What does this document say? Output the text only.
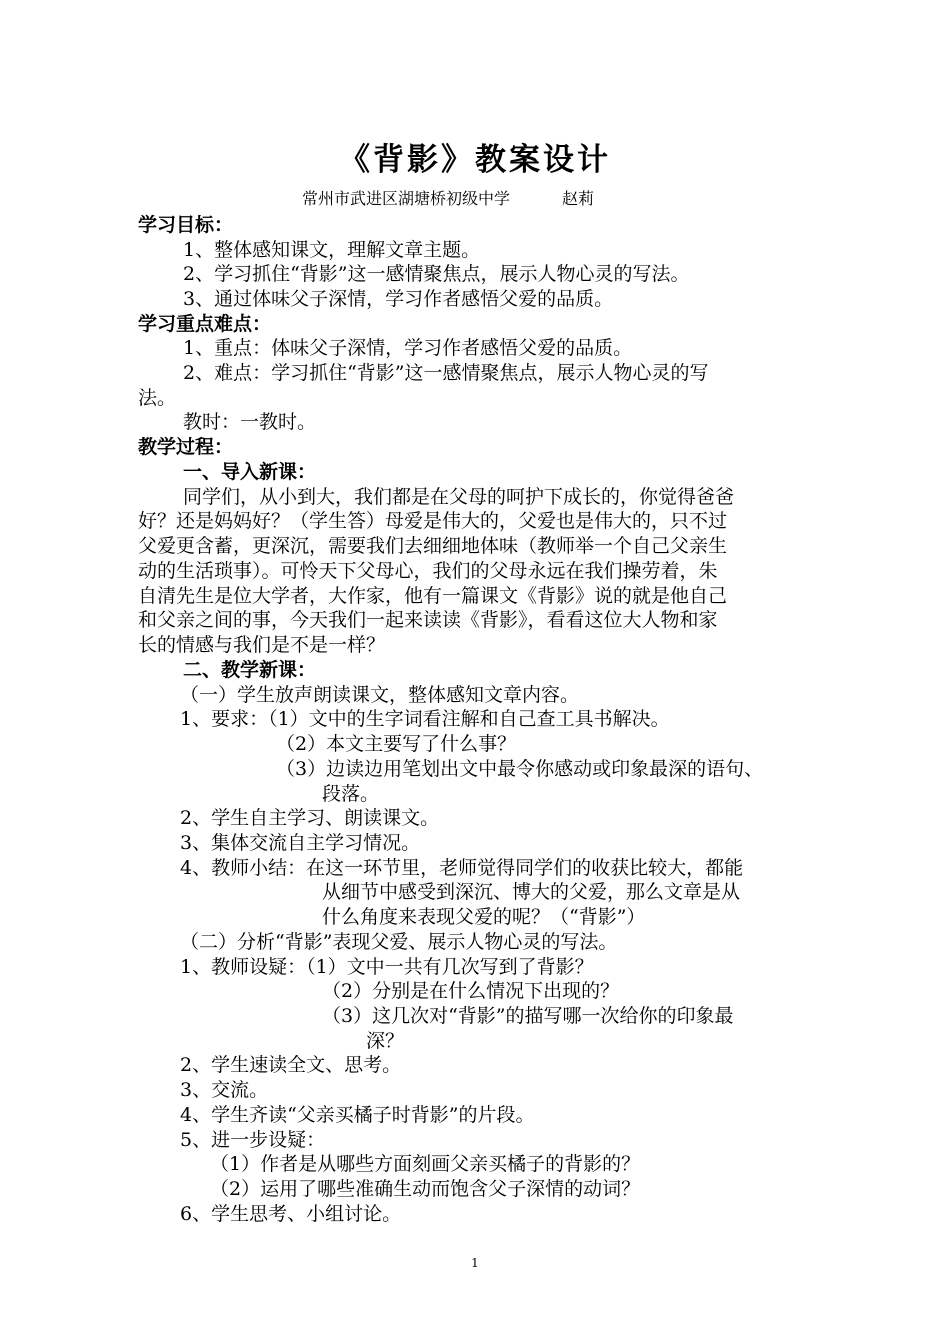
《背影》教案设计
常州市武进区湖塘桥初级中学	赵莉
学习目标：
1、整体感知课文，理解文章主题。
2、学习抓住“背影”这一感情聚焦点，展示人物心灵的写法。
3、通过体味父子深情，学习作者感悟父爱的品质。
学习重点难点：
1、重点：体味父子深情，学习作者感悟父爱的品质。
2、难点：学习抓住“背影”这一感情聚焦点，展示人物心灵的写
法。
教时：一教时。
教学过程：
一、导入新课：
同学们，从小到大，我们都是在父母的呵护下成长的，你觉得爸爸
好？还是妈妈好？（学生答）母爱是伟大的，父爱也是伟大的，只不过
父爱更含蓄，更深沉，需要我们去细细地体味（教师举一个自己父亲生
动的生活琐事）。可怜天下父母心，我们的父母永远在我们操劳着，朱
自清先生是位大学者，大作家，他有一篇课文《背影》说的就是他自己
和父亲之间的事，今天我们一起来读读《背影》，看看这位大人物和家
长的情感与我们是不是一样？
二、教学新课：
（一）学生放声朗读课文，整体感知文章内容。
1、要求：（1）文中的生字词看注解和自己查工具书解决。
（2）本文主要写了什么事？
（3）边读边用笔划出文中最令你感动或印象最深的语句、
段落。
2、学生自主学习、朗读课文。
3、集体交流自主学习情况。
4、教师小结：在这一环节里，老师觉得同学们的收获比较大，都能
从细节中感受到深沉、博大的父爱，那么文章是从
什么角度来表现父爱的呢？（“背影”）
（二）分析“背影”表现父爱、展示人物心灵的写法。
1、教师设疑：（1）文中一共有几次写到了背影？
（2）分别是在什么情况下出现的？
（3）这几次对“背影”的描写哪一次给你的印象最
深？
2、学生速读全文、思考。
3、交流。
4、学生齐读“父亲买橘子时背影”的片段。
5、进一步设疑：
（1）作者是从哪些方面刻画父亲买橘子的背影的？
（2）运用了哪些准确生动而饱含父子深情的动词？
6、学生思考、小组讨论。
1
